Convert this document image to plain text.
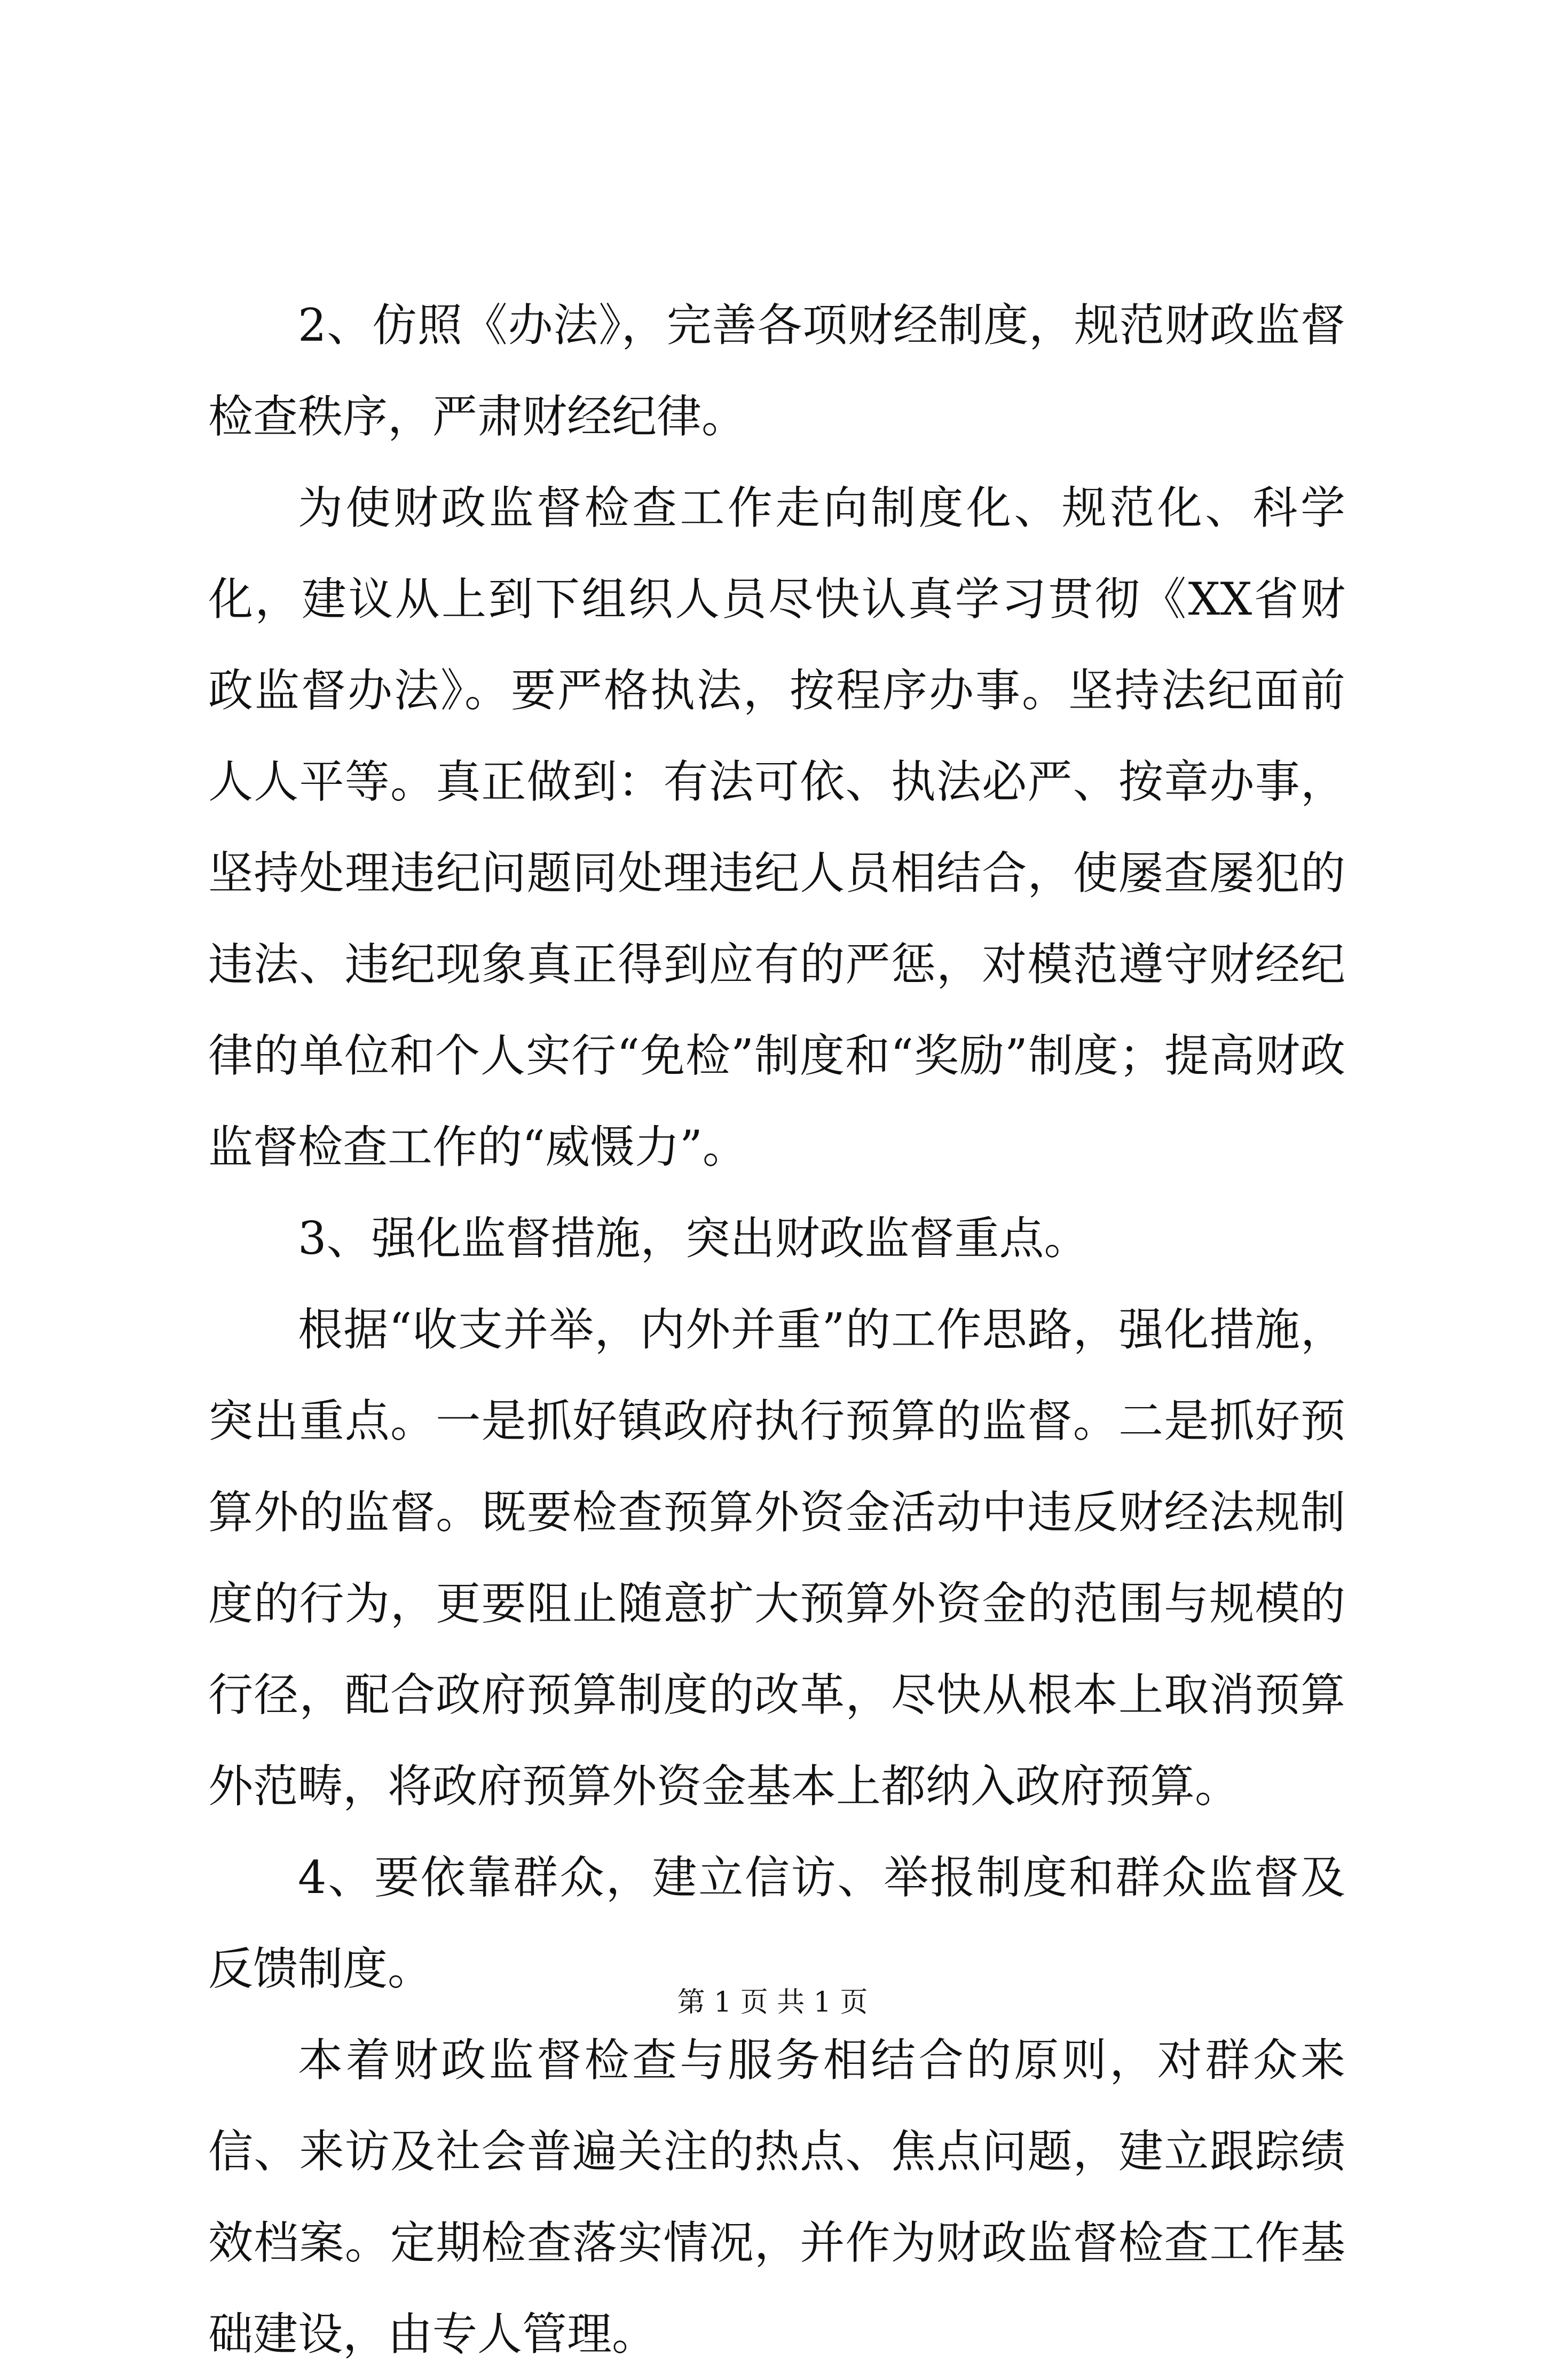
2、仿照《办法》，完善各项财经制度，规范财政监督检查秩序，严肃财经纪律。

为使财政监督检查工作走向制度化、规范化、科学化，建议从上到下组织人员尽快认真学习贯彻《XX省财政监督办法》。要严格执法，按程序办事。坚持法纪面前人人平等。真正做到：有法可依、执法必严、按章办事，坚持处理违纪问题同处理违纪人员相结合，使屡查屡犯的违法、违纪现象真正得到应有的严惩，对模范遵守财经纪律的单位和个人实行“免检”制度和“奖励”制度；提高财政监督检查工作的“威慑力”。

3、强化监督措施，突出财政监督重点。

根据“收支并举，内外并重”的工作思路，强化措施，突出重点。一是抓好镇政府执行预算的监督。二是抓好预算外的监督。既要检查预算外资金活动中违反财经法规制度的行为，更要阻止随意扩大预算外资金的范围与规模的行径，配合政府预算制度的改革，尽快从根本上取消预算外范畴，将政府预算外资金基本上都纳入政府预算。

4、要依靠群众，建立信访、举报制度和群众监督及反馈制度。

本着财政监督检查与服务相结合的原则，对群众来信、来访及社会普遍关注的热点、焦点问题，建立跟踪绩效档案。定期检查落实情况，并作为财政监督检查工作基础建设，由专人管理。

第 1 页 共 1 页
